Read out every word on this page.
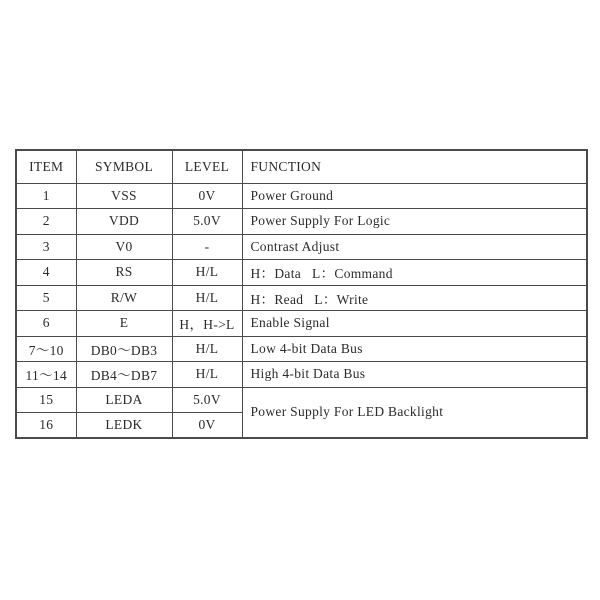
ITEM	SYMBOL	LEVEL	FUNCTION
1	VSS	0V	Power Ground
2	VDD	5.0V	Power Supply For Logic
3	V0	-	Contrast Adjust
4	RS	H/L	H：Data   L：Command
5	R/W	H/L	H：Read   L：Write
6	E	H，H->L	Enable Signal
7～10	DB0～DB3	H/L	Low 4-bit Data Bus
11～14	DB4～DB7	H/L	High 4-bit Data Bus
15	LEDA	5.0V	Power Supply For LED Backlight
16	LEDK	0V	
